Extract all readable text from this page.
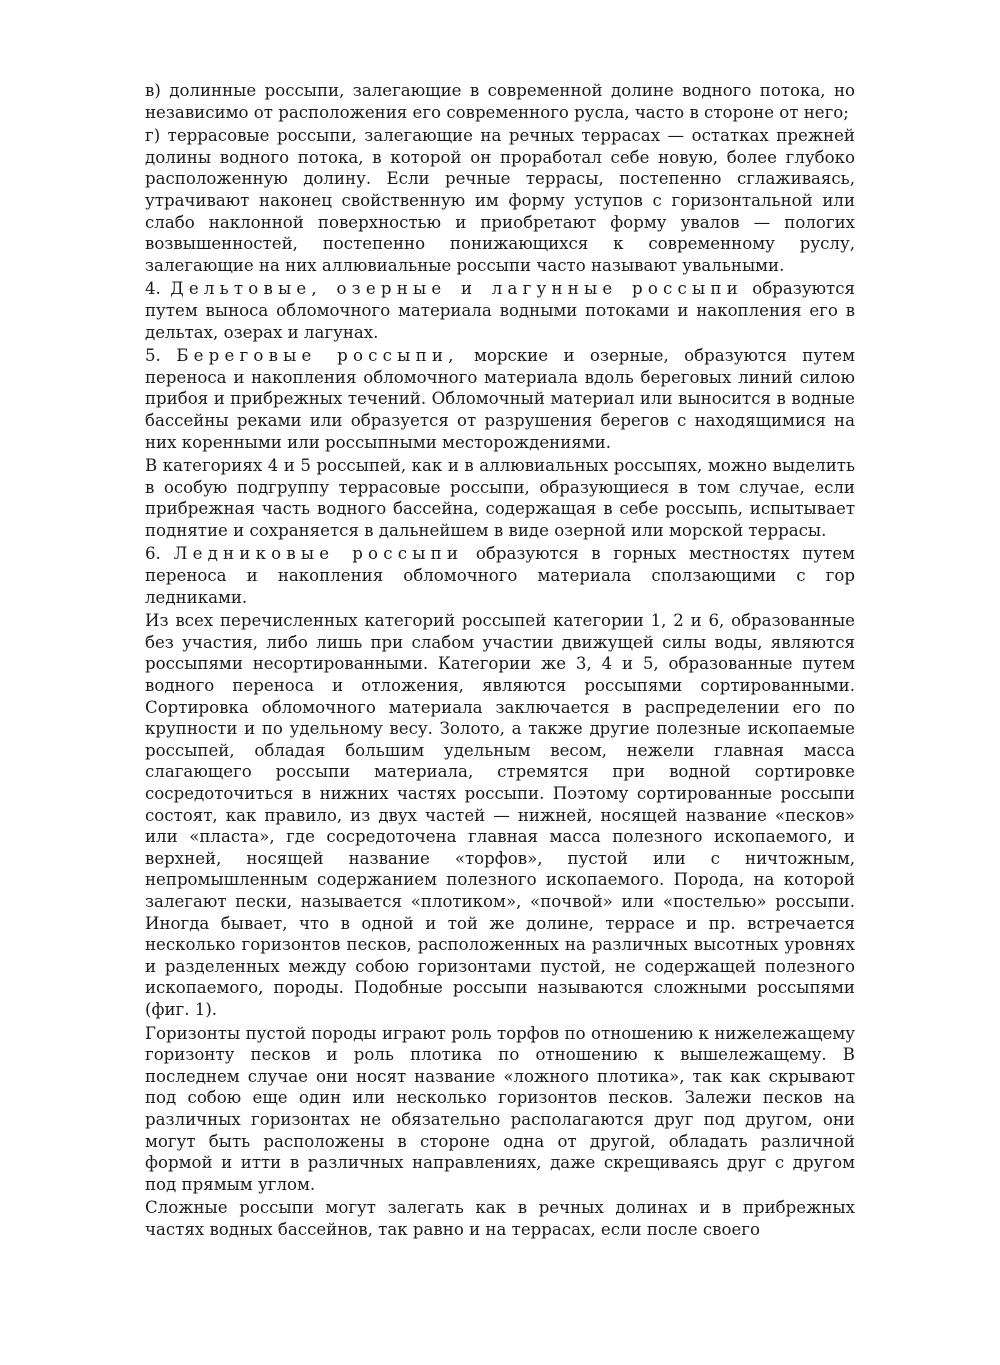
в) долинные россыпи, залегающие в современной долине водного потока, но независимо от расположения его современного русла, часто в стороне от него;

г) террасовые россыпи, залегающие на речных террасах — остатках прежней долины водного потока, в которой он проработал себе новую, более глубоко расположенную долину. Если речные террасы, постепенно сглаживаясь, утрачивают наконец свойственную им форму уступов с горизонтальной или слабо наклонной поверхностью и приобретают форму увалов — пологих возвышенностей, постепенно понижающихся к современному руслу, залегающие на них аллювиальные россыпи часто называют увальными.

4. Дельтовые, озерные и лагунные россыпи образуются путем выноса обломочного материала водными потоками и накопления его в дельтах, озерах и лагунах.

5. Береговые россыпи, морские и озерные, образуются путем переноса и накопления обломочного материала вдоль береговых линий силою прибоя и прибрежных течений. Обломочный материал или выносится в водные бассейны реками или образуется от разрушения берегов с находящимися на них коренными или россыпными месторождениями.

В категориях 4 и 5 россыпей, как и в аллювиальных россыпях, можно выделить в особую подгруппу террасовые россыпи, образующиеся в том случае, если прибрежная часть водного бассейна, содержащая в себе россыпь, испытывает поднятие и сохраняется в дальнейшем в виде озерной или морской террасы.

6. Ледниковые россыпи образуются в горных местностях путем переноса и накопления обломочного материала сползающими с гор ледниками.

Из всех перечисленных категорий россыпей категории 1, 2 и 6, образованные без участия, либо лишь при слабом участии движущей силы воды, являются россыпями несортированными. Категории же 3, 4 и 5, образованные путем водного переноса и отложения, являются россыпями сортированными. Сортировка обломочного материала заключается в распределении его по крупности и по удельному весу. Золото, а также другие полезные ископаемые россыпей, обладая большим удельным весом, нежели главная масса слагающего россыпи материала, стремятся при водной сортировке сосредоточиться в нижних частях россыпи. Поэтому сортированные россыпи состоят, как правило, из двух частей — нижней, носящей название «песков» или «пласта», где сосредоточена главная масса полезного ископаемого, и верхней, носящей название «торфов», пустой или с ничтожным, непромышленным содержанием полезного ископаемого. Порода, на которой залегают пески, называется «плотиком», «почвой» или «постелью» россыпи. Иногда бывает, что в одной и той же долине, террасе и пр. встречается несколько горизонтов песков, расположенных на различных высотных уровнях и разделенных между собою горизонтами пустой, не содержащей полезного ископаемого, породы. Подобные россыпи называются сложными россыпями (фиг. 1).

Горизонты пустой породы играют роль торфов по отношению к нижележащему горизонту песков и роль плотика по отношению к вышележащему. В последнем случае они носят название «ложного плотика», так как скрывают под собою еще один или несколько горизонтов песков. Залежи песков на различных горизонтах не обязательно располагаются друг под другом, они могут быть расположены в стороне одна от другой, обладать различной формой и итти в различных направлениях, даже скрещиваясь друг с другом под прямым углом.

Сложные россыпи могут залегать как в речных долинах и в прибрежных частях водных бассейнов, так равно и на террасах, если после своего
